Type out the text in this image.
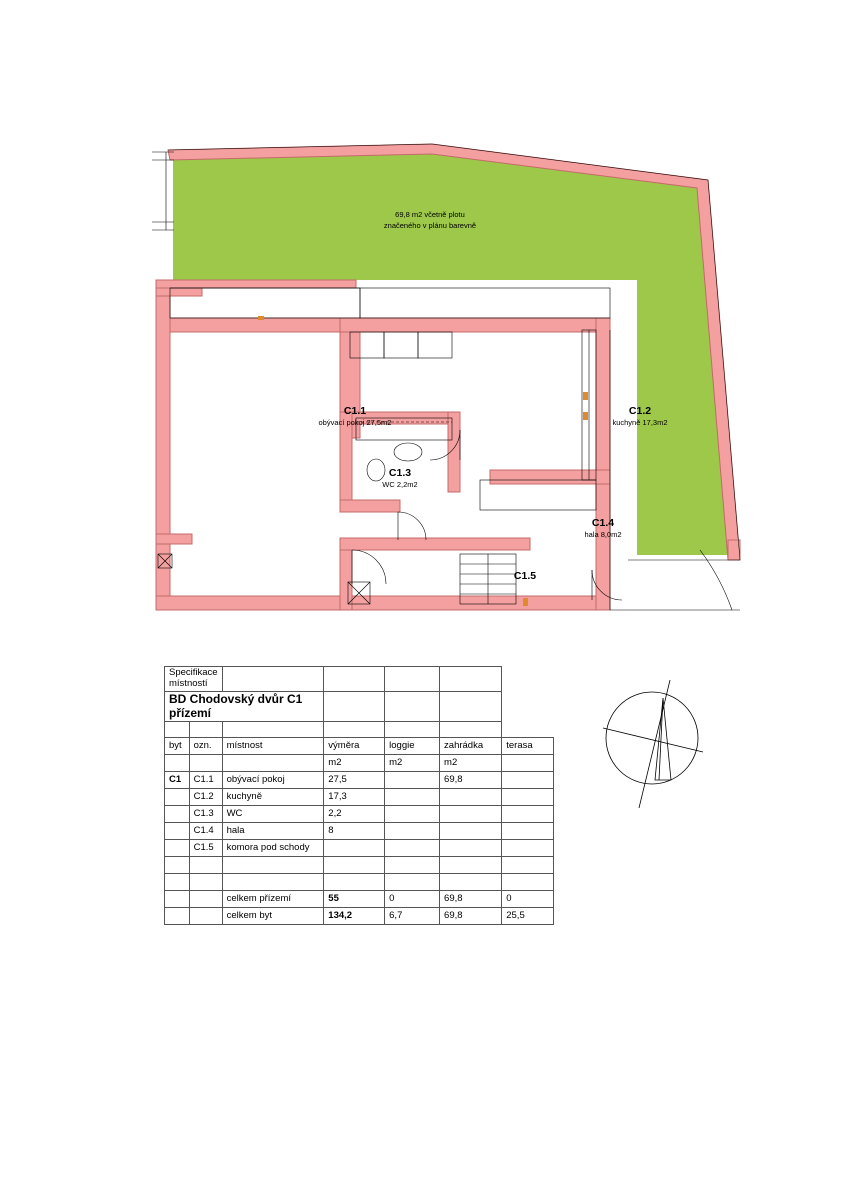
69,8 m2 včetně plotu
značeného v plánu barevně
C1.1
obývací pokoj 27,5m2
C1.2
kuchyně 17,3m2
C1.3
WC 2,2m2
C1.4
hala 8,0m2
C1.5
Specifikace místností						
BD Chodovský dvůr C1 přízemí						

byt	ozn.	místnost	výměra	loggie	zahrádka	terasa
			m2	m2	m2	
C1	C1.1	obývací pokoj	27,5		69,8	
	C1.2	kuchyně	17,3			
	C1.3	WC	2,2			
	C1.4	hala	8			
	C1.5	komora pod schody				

		celkem přízemí	55	0	69,8	0
		celkem byt	134,2	6,7	69,8	25,5
